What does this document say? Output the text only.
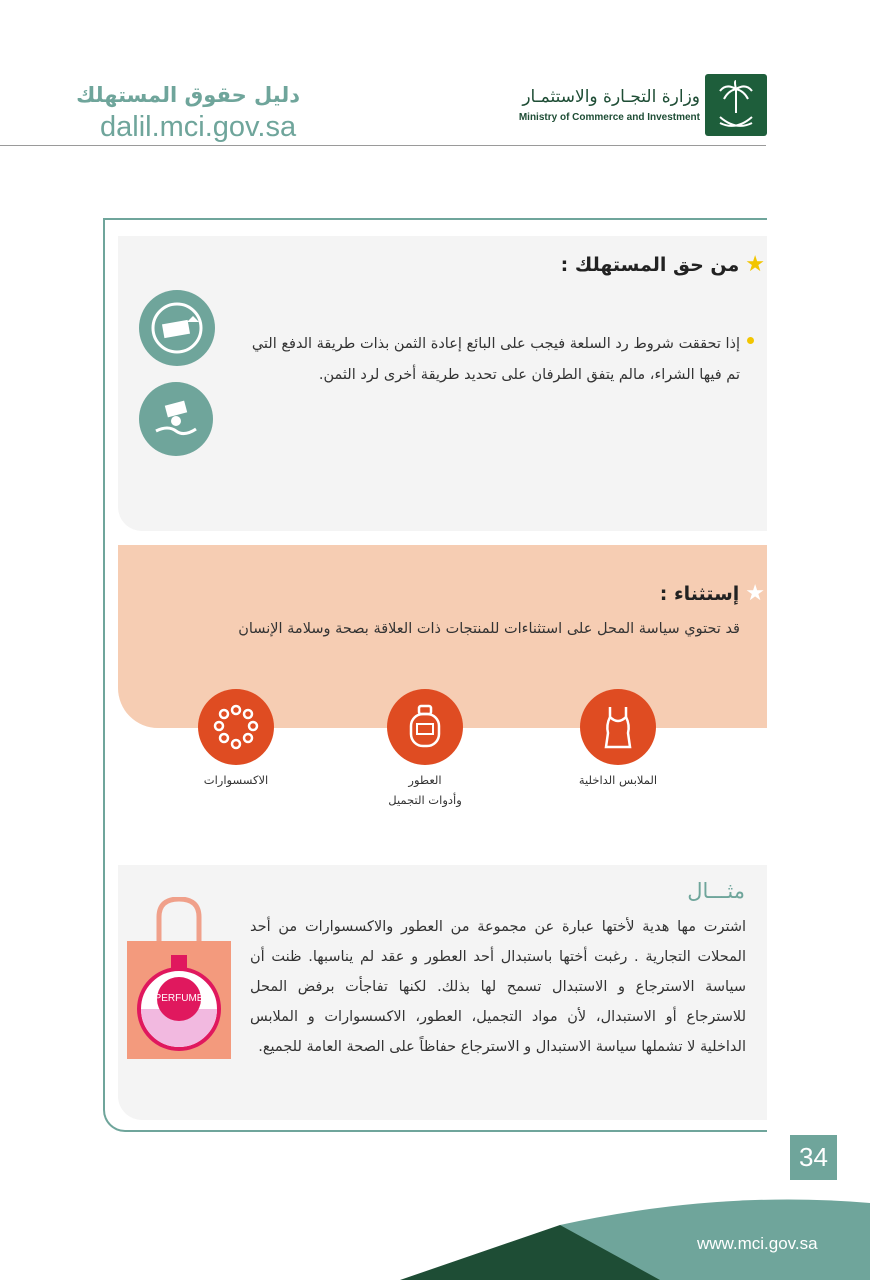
دليل حقوق المستهلك
dalil.mci.gov.sa
وزارة التجـارة والاستثمـار
Ministry of Commerce and Investment
★
من حق المستهلك :
إذا تحققت شروط رد السلعة فيجب على البائع إعادة الثمن بذات طريقة الدفع التي تم فيها الشراء، مالم يتفق الطرفان على تحديد طريقة أخرى لرد الثمن.
★
إستثناء :
قد تحتوي سياسة المحل على استثناءات للمنتجات ذات العلاقة بصحة وسلامة الإنسان
الملابس الداخلية
العطور
وأدوات التجميل
الاكسسوارات
مثـــال
اشترت مها هدية لأختها عبارة عن مجموعة من العطور والاكسسوارات من أحد المحلات التجارية . رغبت أختها باستبدال أحد العطور و عقد لم يناسبها. ظنت أن سياسة الاسترجاع و الاستبدال تسمح لها بذلك. لكنها تفاجأت برفض المحل للاسترجاع أو الاستبدال، لأن مواد التجميل، العطور، الاكسسوارات و الملابس الداخلية لا تشملها سياسة الاستبدال و الاسترجاع حفاظاً على الصحة العامة للجميع.
PERFUME
34
www.mci.gov.sa
